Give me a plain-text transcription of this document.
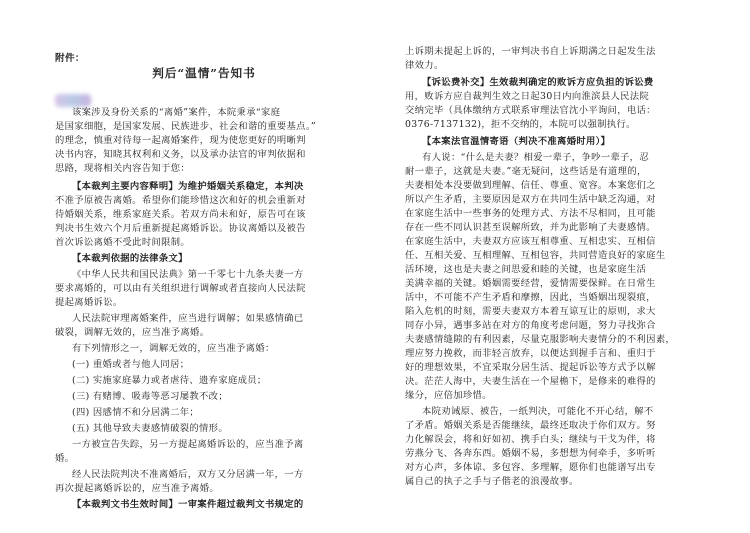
附件：
判后“温情”告知书
该案涉及身份关系的“离婚”案件，本院秉承“家庭
是国家细胞，是国家发展、民族进步、社会和谐的重要基点。”
的理念，慎重对待每一起离婚案件，现为使您更好的明晰判
决书内容，知晓其权利和义务，以及承办法官的审判依据和
思路，现将相关内容告知于您：
【本裁判主要内容释明】为维护婚姻关系稳定，本判决
不准予原被告离婚。希望你们能珍惜这次和好的机会重新对
待婚姻关系，维系家庭关系。若双方尚未和好，原告可在该
判决书生效六个月后重新提起离婚诉讼。协议离婚以及被告
首次诉讼离婚不受此时间限制。
【本裁判依据的法律条文】
《中华人民共和国民法典》第一千零七十九条夫妻一方
要求离婚的，可以由有关组织进行调解或者直接向人民法院
提起离婚诉讼。
人民法院审理离婚案件，应当进行调解；如果感情确已
破裂，调解无效的，应当准予离婚。
有下列情形之一，调解无效的，应当准予离婚：
(一) 重婚或者与他人同居；
(二) 实施家庭暴力或者虐待、遗弃家庭成员；
(三) 有赌博、吸毒等恶习屡教不改；
(四) 因感情不和分居满二年；
(五) 其他导致夫妻感情破裂的情形。
一方被宣告失踪，另一方提起离婚诉讼的，应当准予离
婚。
经人民法院判决不准离婚后，双方又分居满一年，一方
再次提起离婚诉讼的，应当准予离婚。
【本裁判文书生效时间】一审案件超过裁判文书规定的
上诉期未提起上诉的，一审判决书自上诉期满之日起发生法
律效力。
【诉讼费补交】生效裁判确定的败诉方应负担的诉讼费
用，败诉方应自裁判生效之日起30日内向淮滨县人民法院
交纳完毕（具体缴纳方式联系审理法官沈小平询问，电话：
0376-7137132)，拒不交纳的，本院可以强制执行。
【本案法官温情寄语（判决不准离婚时用）】
有人说：“什么是夫妻？相爱一辈子，争吵一辈子，忍
耐一辈子，这就是夫妻。”毫无疑问，这些话是有道理的，
夫妻相处本没要做到理解、信任、尊重、宽容。本案您们之
所以产生矛盾，主要原因是双方在共同生活中缺乏沟通，对
在家庭生活中一些事务的处理方式、方法不尽相同，且可能
存在一些不同认识甚至误解所致，并为此影响了夫妻感情。
在家庭生活中，夫妻双方应该互相尊重、互相忠实、互相信
任、互相关爱、互相理解、互相包容，共同营造良好的家庭生
活环境，这也是夫妻之间思爱和睦的关键，也是家庭生活
美满幸福的关键。婚姻需要经营，爱情需要保鲜。在日常生
活中，不可能不产生矛盾和摩擦，因此，当婚姻出现裂痕，
陷入危机的时刻，需要夫妻双方本着互谅互让的原则，求大
同存小异，遇事多站在对方的角度考虑问题，努力寻找弥合
夫妻感情缝隙的有利因素，尽量克服影响夫妻情分的不利因素，
理应努力挽救，而非轻言放弃，以便达到握手言和、重归于
好的理想效果，不宜采取分居生活、提起诉讼等方式予以解
决。茫茫人海中，夫妻生活在一个屋檐下，是修来的难得的
缘分，应倍加珍惜。
本院劝诫原、被告，一纸判决，可能化不开心结，解不
了矛盾。婚姻关系是否能继续，最终还取决于你们双方。努
力化解误会，将和好如初、携手白头；继续与干戈为伴，将
劳燕分飞、各奔东西。婚姻不易，多想想为何牵手，多听听
对方心声，多体谅、多包容、多理解，愿你们也能谱写出专
属自己的执子之手与子偕老的浪漫故事。
